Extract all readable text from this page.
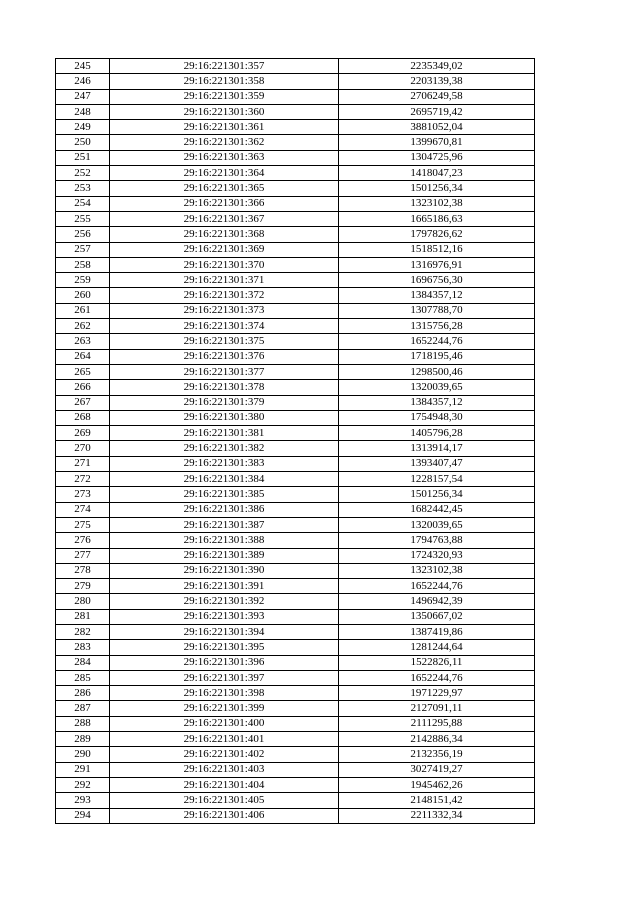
245	29:16:221301:357	2235349,02
246	29:16:221301:358	2203139,38
247	29:16:221301:359	2706249,58
248	29:16:221301:360	2695719,42
249	29:16:221301:361	3881052,04
250	29:16:221301:362	1399670,81
251	29:16:221301:363	1304725,96
252	29:16:221301:364	1418047,23
253	29:16:221301:365	1501256,34
254	29:16:221301:366	1323102,38
255	29:16:221301:367	1665186,63
256	29:16:221301:368	1797826,62
257	29:16:221301:369	1518512,16
258	29:16:221301:370	1316976,91
259	29:16:221301:371	1696756,30
260	29:16:221301:372	1384357,12
261	29:16:221301:373	1307788,70
262	29:16:221301:374	1315756,28
263	29:16:221301:375	1652244,76
264	29:16:221301:376	1718195,46
265	29:16:221301:377	1298500,46
266	29:16:221301:378	1320039,65
267	29:16:221301:379	1384357,12
268	29:16:221301:380	1754948,30
269	29:16:221301:381	1405796,28
270	29:16:221301:382	1313914,17
271	29:16:221301:383	1393407,47
272	29:16:221301:384	1228157,54
273	29:16:221301:385	1501256,34
274	29:16:221301:386	1682442,45
275	29:16:221301:387	1320039,65
276	29:16:221301:388	1794763,88
277	29:16:221301:389	1724320,93
278	29:16:221301:390	1323102,38
279	29:16:221301:391	1652244,76
280	29:16:221301:392	1496942,39
281	29:16:221301:393	1350667,02
282	29:16:221301:394	1387419,86
283	29:16:221301:395	1281244,64
284	29:16:221301:396	1522826,11
285	29:16:221301:397	1652244,76
286	29:16:221301:398	1971229,97
287	29:16:221301:399	2127091,11
288	29:16:221301:400	2111295,88
289	29:16:221301:401	2142886,34
290	29:16:221301:402	2132356,19
291	29:16:221301:403	3027419,27
292	29:16:221301:404	1945462,26
293	29:16:221301:405	2148151,42
294	29:16:221301:406	2211332,34
